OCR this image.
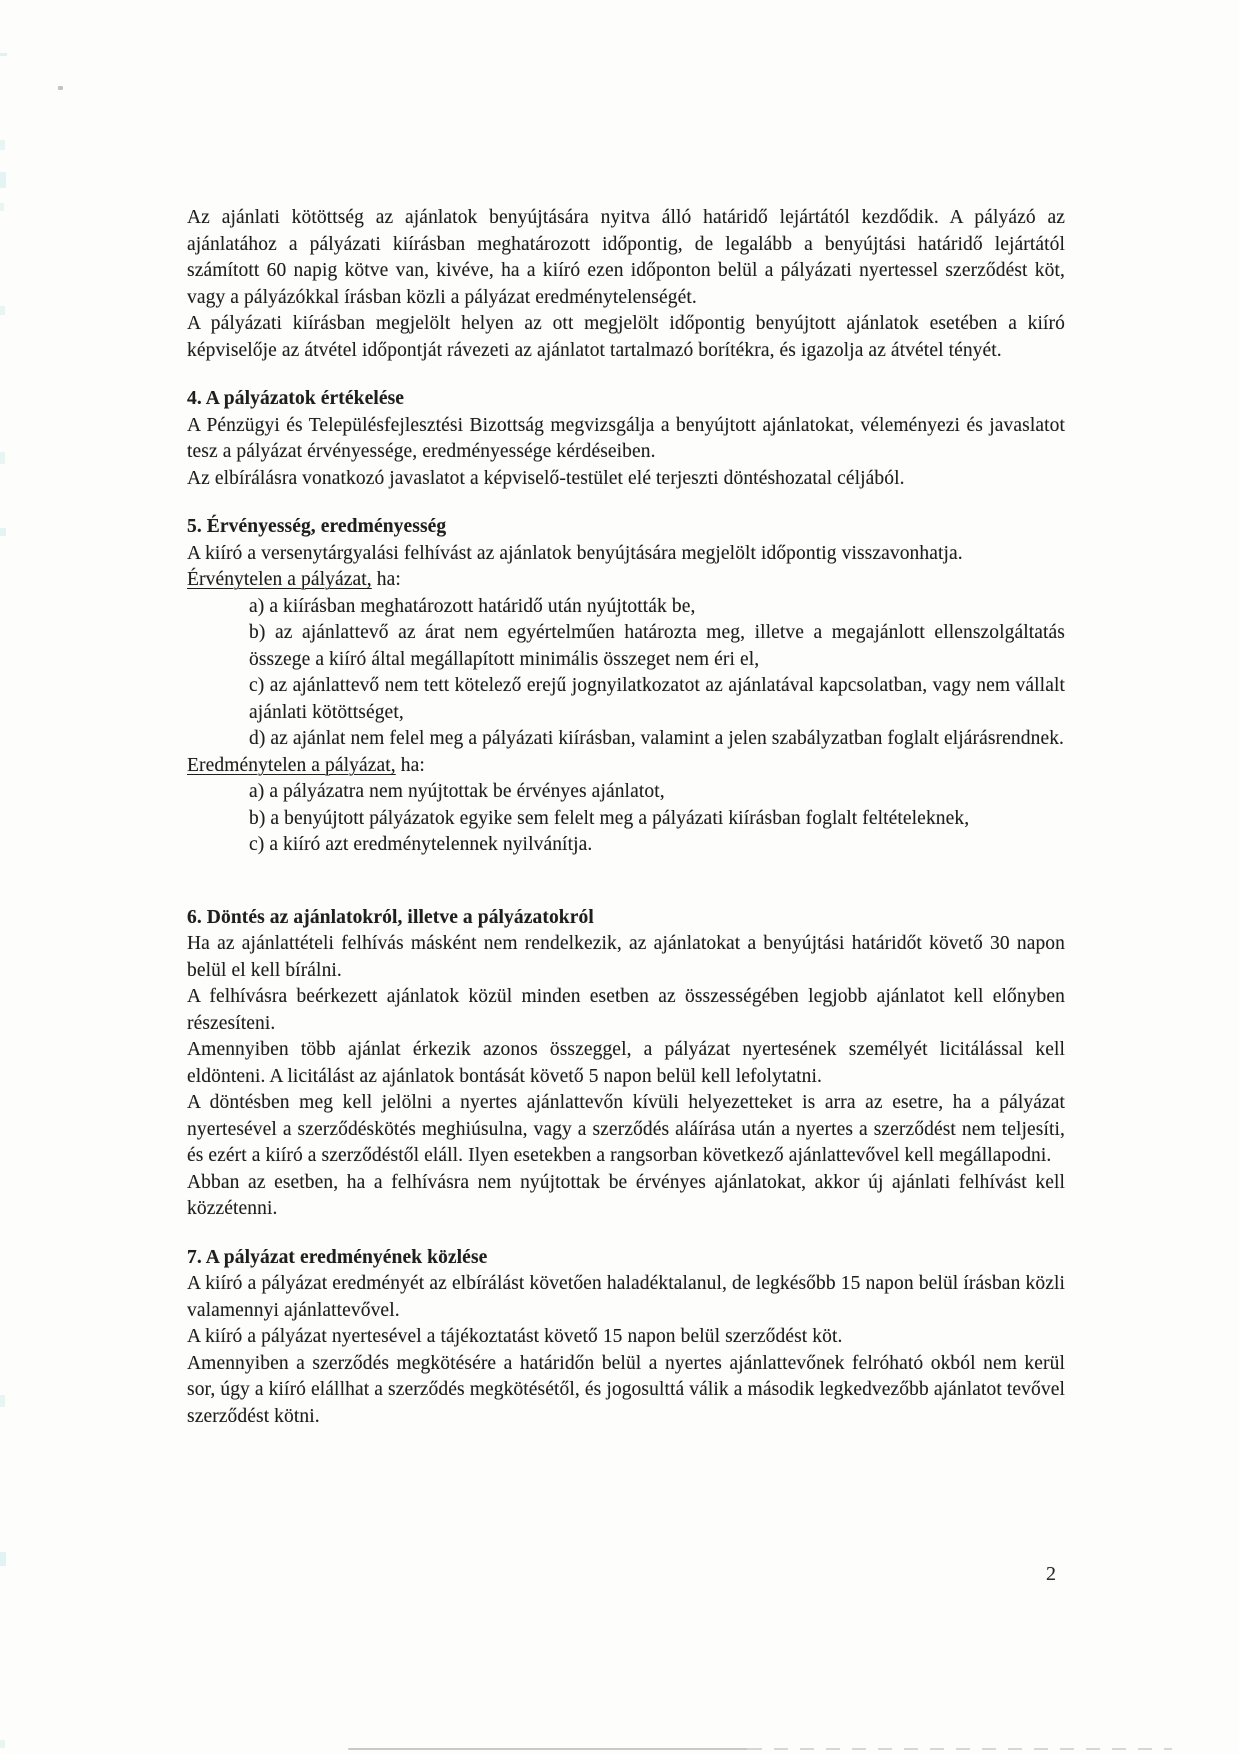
Az ajánlati kötöttség az ajánlatok benyújtására nyitva álló határidő lejártától kezdődik. A pályázó az ajánlatához a pályázati kiírásban meghatározott időpontig, de legalább a benyújtási határidő lejártától számított 60 napig kötve van, kivéve, ha a kiíró ezen időponton belül a pályázati nyertessel szerződést köt, vagy a pályázókkal írásban közli a pályázat eredménytelenségét.
A pályázati kiírásban megjelölt helyen az ott megjelölt időpontig benyújtott ajánlatok esetében a kiíró képviselője az átvétel időpontját rávezeti az ajánlatot tartalmazó borítékra, és igazolja az átvétel tényét.
4. A pályázatok értékelése
A Pénzügyi és Településfejlesztési Bizottság megvizsgálja a benyújtott ajánlatokat, véleményezi és javaslatot tesz a pályázat érvényessége, eredményessége kérdéseiben.
Az elbírálásra vonatkozó javaslatot a képviselő-testület elé terjeszti döntéshozatal céljából.
5. Érvényesség, eredményesség
A kiíró a versenytárgyalási felhívást az ajánlatok benyújtására megjelölt időpontig visszavonhatja.
Érvénytelen a pályázat, ha:
a) a kiírásban meghatározott határidő után nyújtották be,
b) az ajánlattevő az árat nem egyértelműen határozta meg, illetve a megajánlott ellenszolgáltatás összege a kiíró által megállapított minimális összeget nem éri el,
c) az ajánlattevő nem tett kötelező erejű jognyilatkozatot az ajánlatával kapcsolatban, vagy nem vállalt ajánlati kötöttséget,
d) az ajánlat nem felel meg a pályázati kiírásban, valamint a jelen szabályzatban foglalt eljárásrendnek.
Eredménytelen a pályázat, ha:
a) a pályázatra nem nyújtottak be érvényes ajánlatot,
b) a benyújtott pályázatok egyike sem felelt meg a pályázati kiírásban foglalt feltételeknek,
c) a kiíró azt eredménytelennek nyilvánítja.
6. Döntés az ajánlatokról, illetve a pályázatokról
Ha az ajánlattételi felhívás másként nem rendelkezik, az ajánlatokat a benyújtási határidőt követő 30 napon belül el kell bírálni.
A felhívásra beérkezett ajánlatok közül minden esetben az összességében legjobb ajánlatot kell előnyben részesíteni.
Amennyiben több ajánlat érkezik azonos összeggel, a pályázat nyertesének személyét licitálással kell eldönteni. A licitálást az ajánlatok bontását követő 5 napon belül kell lefolytatni.
A döntésben meg kell jelölni a nyertes ajánlattevőn kívüli helyezetteket is arra az esetre, ha a pályázat nyertesével a szerződéskötés meghiúsulna, vagy a szerződés aláírása után a nyertes a szerződést nem teljesíti, és ezért a kiíró a szerződéstől eláll. Ilyen esetekben a rangsorban következő ajánlattevővel kell megállapodni.
Abban az esetben, ha a felhívásra nem nyújtottak be érvényes ajánlatokat, akkor új ajánlati felhívást kell közzétenni.
7. A pályázat eredményének közlése
A kiíró a pályázat eredményét az elbírálást követően haladéktalanul, de legkésőbb 15 napon belül írásban közli valamennyi ajánlattevővel.
A kiíró a pályázat nyertesével a tájékoztatást követő 15 napon belül szerződést köt.
Amennyiben a szerződés megkötésére a határidőn belül a nyertes ajánlattevőnek felróható okból nem kerül sor, úgy a kiíró elállhat a szerződés megkötésétől, és jogosulttá válik a második legkedvezőbb ajánlatot tevővel szerződést kötni.
2
